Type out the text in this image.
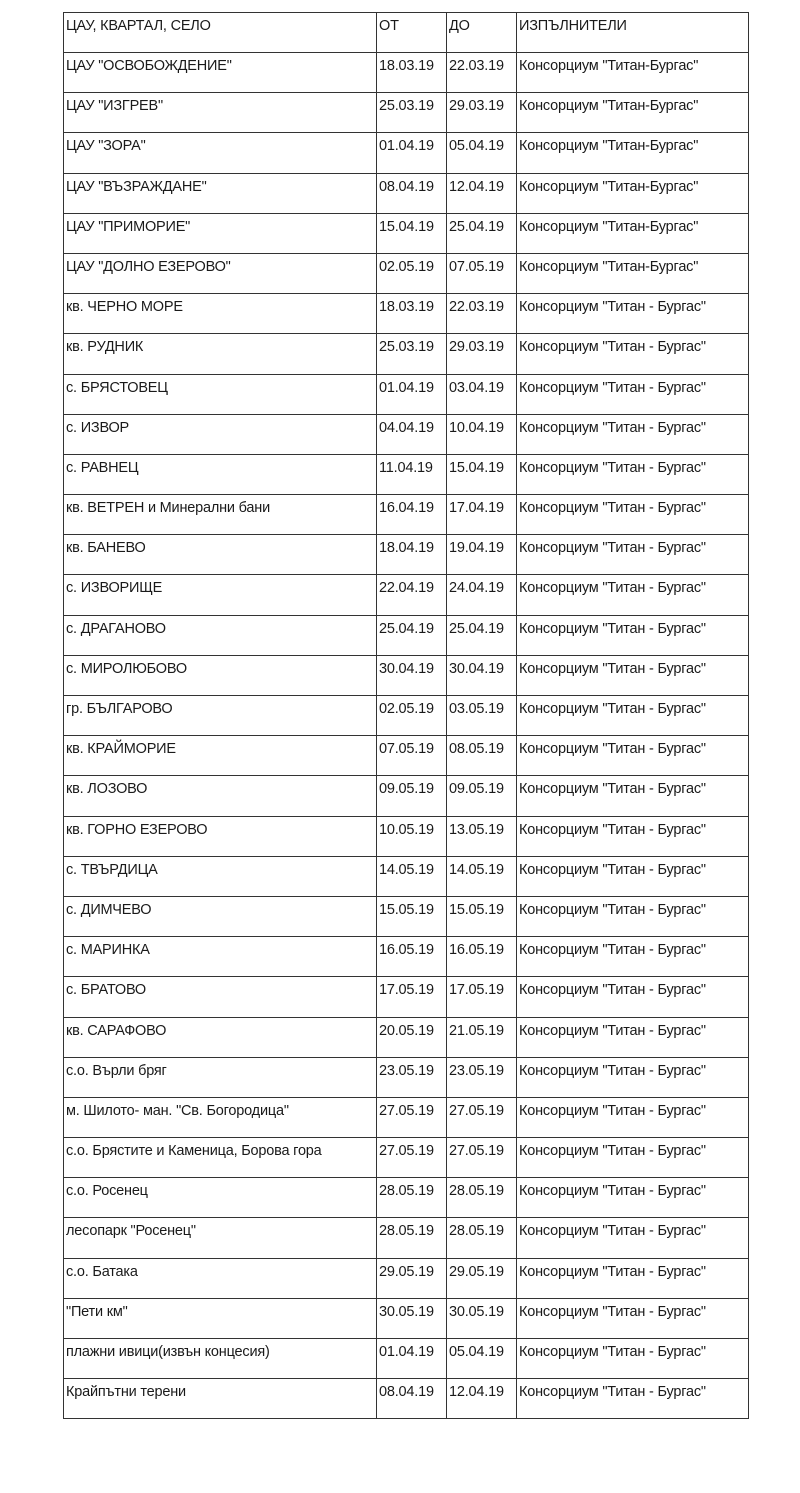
ЦАУ, КВАРТАЛ, СЕЛО	ОТ	ДО	ИЗПЪЛНИТЕЛИ
ЦАУ "ОСВОБОЖДЕНИЕ"	18.03.19	22.03.19	Консорциум "Титан-Бургас"
ЦАУ "ИЗГРЕВ"	25.03.19	29.03.19	Консорциум "Титан-Бургас"
ЦАУ "ЗОРА"	01.04.19	05.04.19	Консорциум "Титан-Бургас"
ЦАУ "ВЪЗРАЖДАНЕ"	08.04.19	12.04.19	Консорциум "Титан-Бургас"
ЦАУ "ПРИМОРИЕ"	15.04.19	25.04.19	Консорциум "Титан-Бургас"
ЦАУ "ДОЛНО ЕЗЕРОВО"	02.05.19	07.05.19	Консорциум "Титан-Бургас"
кв. ЧЕРНО МОРЕ	18.03.19	22.03.19	Консорциум "Титан - Бургас"
кв. РУДНИК	25.03.19	29.03.19	Консорциум "Титан - Бургас"
с. БРЯСТОВЕЦ	01.04.19	03.04.19	Консорциум "Титан - Бургас"
с. ИЗВОР	04.04.19	10.04.19	Консорциум "Титан - Бургас"
с. РАВНЕЦ	11.04.19	15.04.19	Консорциум "Титан - Бургас"
кв. ВЕТРЕН и Минерални бани	16.04.19	17.04.19	Консорциум "Титан - Бургас"
кв. БАНЕВО	18.04.19	19.04.19	Консорциум "Титан - Бургас"
с. ИЗВОРИЩЕ	22.04.19	24.04.19	Консорциум "Титан - Бургас"
с. ДРАГАНОВО	25.04.19	25.04.19	Консорциум "Титан - Бургас"
с. МИРОЛЮБОВО	30.04.19	30.04.19	Консорциум "Титан - Бургас"
гр. БЪЛГАРОВО	02.05.19	03.05.19	Консорциум "Титан - Бургас"
кв. КРАЙМОРИЕ	07.05.19	08.05.19	Консорциум "Титан - Бургас"
кв. ЛОЗОВО	09.05.19	09.05.19	Консорциум "Титан - Бургас"
кв. ГОРНО ЕЗЕРОВО	10.05.19	13.05.19	Консорциум "Титан - Бургас"
с. ТВЪРДИЦА	14.05.19	14.05.19	Консорциум "Титан - Бургас"
с. ДИМЧЕВО	15.05.19	15.05.19	Консорциум "Титан - Бургас"
с. МАРИНКА	16.05.19	16.05.19	Консорциум "Титан - Бургас"
с. БРАТОВО	17.05.19	17.05.19	Консорциум "Титан - Бургас"
кв. САРАФОВО	20.05.19	21.05.19	Консорциум "Титан - Бургас"
с.о. Върли бряг	23.05.19	23.05.19	Консорциум "Титан - Бургас"
м. Шилото- ман. "Св. Богородица"	27.05.19	27.05.19	Консорциум "Титан - Бургас"
с.о. Брястите и Каменица, Борова гора	27.05.19	27.05.19	Консорциум "Титан - Бургас"
с.о. Росенец	28.05.19	28.05.19	Консорциум "Титан - Бургас"
лесопарк "Росенец"	28.05.19	28.05.19	Консорциум "Титан - Бургас"
с.о. Батака	29.05.19	29.05.19	Консорциум "Титан - Бургас"
"Пети км"	30.05.19	30.05.19	Консорциум "Титан - Бургас"
плажни ивици(извън концесия)	01.04.19	05.04.19	Консорциум "Титан - Бургас"
Крайпътни терени	08.04.19	12.04.19	Консорциум "Титан - Бургас"
